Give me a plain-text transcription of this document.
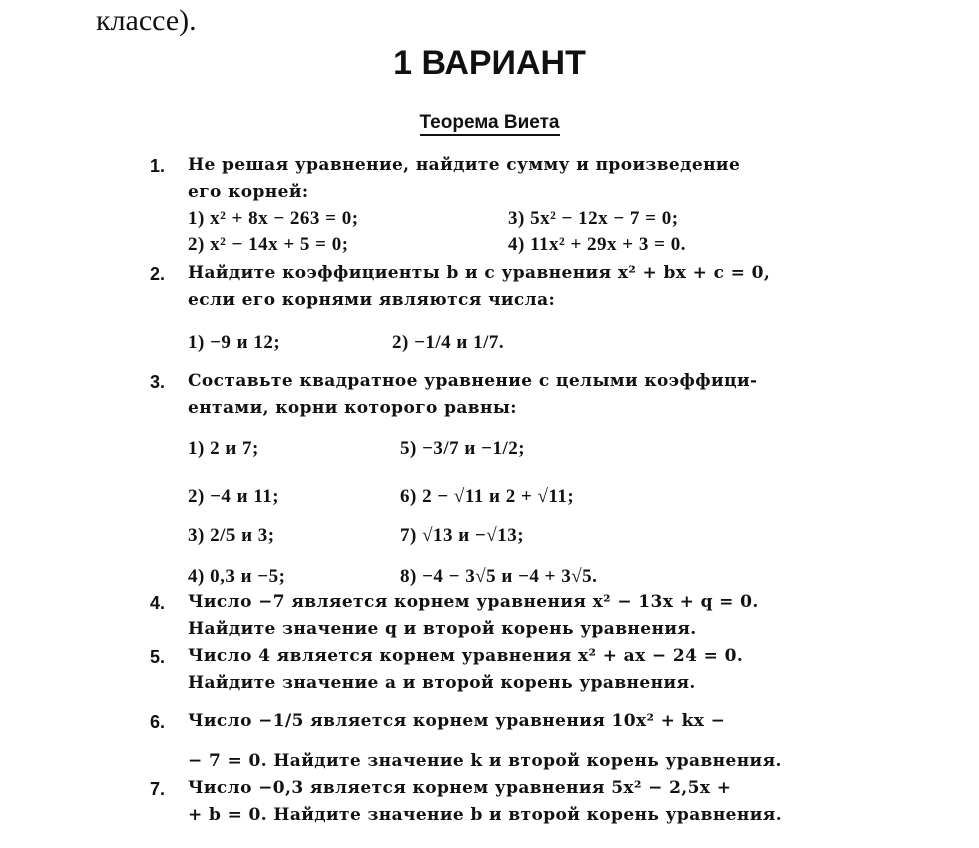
классе).
1 ВАРИАНТ
Теорема Виета
1. Не решая уравнение, найдите сумму и произведение
его корней:
1) x² + 8x − 263 = 0;	3) 5x² − 12x − 7 = 0;
2) x² − 14x + 5 = 0;	4) 11x² + 29x + 3 = 0.
2. Найдите коэффициенты b и c уравнения x² + bx + c = 0,
если его корнями являются числа:
1) −9 и 12;	2) −1/4 и 1/7.
3. Составьте квадратное уравнение с целыми коэффици-
ентами, корни которого равны:
1) 2 и 7;	5) −3/7 и −1/2;
2) −4 и 11;	6) 2 − √11 и 2 + √11;
3) 2/5 и 3;	7) √13 и −√13;
4) 0,3 и −5;	8) −4 − 3√5 и −4 + 3√5.
4. Число −7 является корнем уравнения x² − 13x + q = 0.
Найдите значение q и второй корень уравнения.
5. Число 4 является корнем уравнения x² + ax − 24 = 0.
Найдите значение a и второй корень уравнения.
6. Число −1/5 является корнем уравнения 10x² + kx −
− 7 = 0. Найдите значение k и второй корень уравнения.
7. Число −0,3 является корнем уравнения 5x² − 2,5x +
+ b = 0. Найдите значение b и второй корень уравнения.
